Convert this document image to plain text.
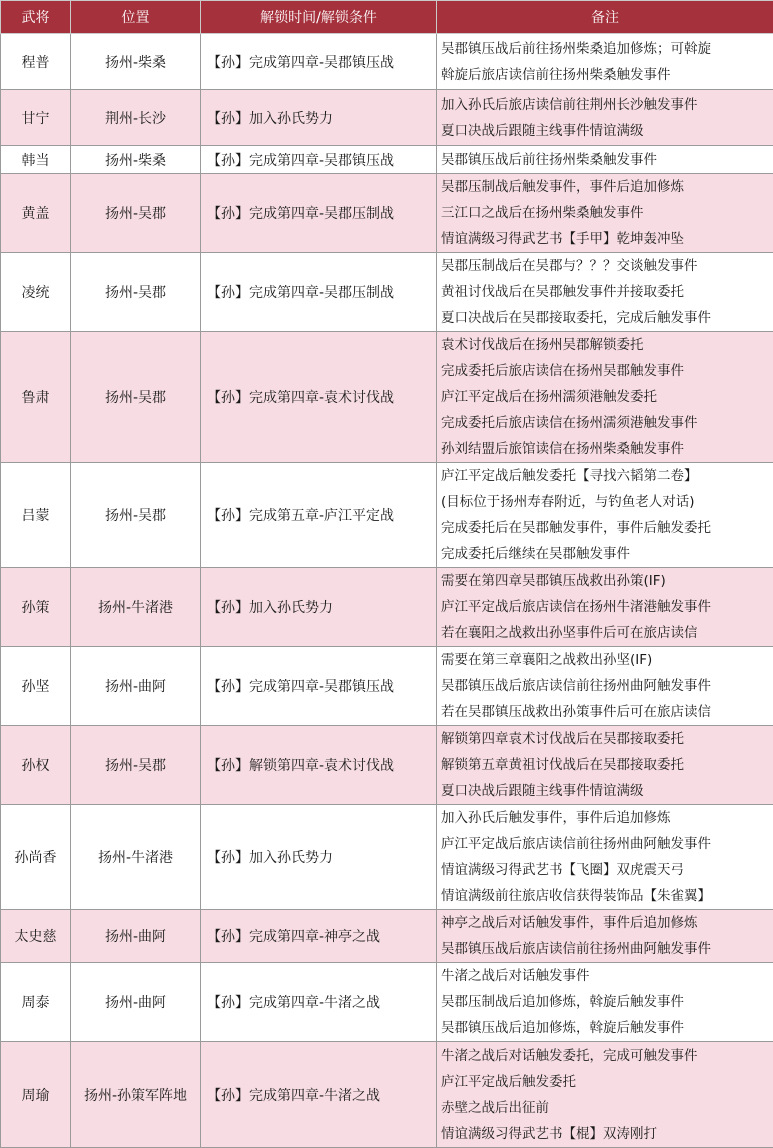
武将	位置	解锁时间/解锁条件	备注
程普	扬州-柴桑	【孙】完成第四章-吴郡镇压战	吴郡镇压战后前往扬州柴桑追加修炼；可斡旋
斡旋后旅店读信前往扬州柴桑触发事件

甘宁	荆州-长沙	【孙】加入孙氏势力	加入孙氏后旅店读信前往荆州长沙触发事件
夏口决战后跟随主线事件情谊满级

韩当	扬州-柴桑	【孙】完成第四章-吴郡镇压战	吴郡镇压战后前往扬州柴桑触发事件

黄盖	扬州-吴郡	【孙】完成第四章-吴郡压制战	吴郡压制战后触发事件，事件后追加修炼
三江口之战后在扬州柴桑触发事件
情谊满级习得武艺书【手甲】乾坤轰冲坠

凌统	扬州-吴郡	【孙】完成第四章-吴郡压制战	吴郡压制战后在吴郡与？？？交谈触发事件
黄祖讨伐战后在吴郡触发事件并接取委托
夏口决战后在吴郡接取委托，完成后触发事件

鲁肃	扬州-吴郡	【孙】完成第四章-袁术讨伐战	袁术讨伐战后在扬州吴郡解锁委托
完成委托后旅店读信在扬州吴郡触发事件
庐江平定战后在扬州濡须港触发委托
完成委托后旅店读信在扬州濡须港触发事件
孙刘结盟后旅馆读信在扬州柴桑触发事件

吕蒙	扬州-吴郡	【孙】完成第五章-庐江平定战	庐江平定战后触发委托【寻找六韬第二卷】
(目标位于扬州寿春附近，与钓鱼老人对话)
完成委托后在吴郡触发事件，事件后触发委托
完成委托后继续在吴郡触发事件

孙策	扬州-牛渚港	【孙】加入孙氏势力	需要在第四章吴郡镇压战救出孙策(IF)
庐江平定战后旅店读信在扬州牛渚港触发事件
若在襄阳之战救出孙坚事件后可在旅店读信

孙坚	扬州-曲阿	【孙】完成第四章-吴郡镇压战	需要在第三章襄阳之战救出孙坚(IF)
吴郡镇压战后旅店读信前往扬州曲阿触发事件
若在吴郡镇压战救出孙策事件后可在旅店读信

孙权	扬州-吴郡	【孙】解锁第四章-袁术讨伐战	解锁第四章袁术讨伐战后在吴郡接取委托
解锁第五章黄祖讨伐战后在吴郡接取委托
夏口决战后跟随主线事件情谊满级

孙尚香	扬州-牛渚港	【孙】加入孙氏势力	加入孙氏后触发事件，事件后追加修炼
庐江平定战后旅店读信前往扬州曲阿触发事件
情谊满级习得武艺书【飞圈】双虎震天弓
情谊满级前往旅店收信获得装饰品【朱雀翼】

太史慈	扬州-曲阿	【孙】完成第四章-神亭之战	神亭之战后对话触发事件，事件后追加修炼
吴郡镇压战后旅店读信前往扬州曲阿触发事件

周泰	扬州-曲阿	【孙】完成第四章-牛渚之战	牛渚之战后对话触发事件
吴郡压制战后追加修炼，斡旋后触发事件
吴郡镇压战后追加修炼，斡旋后触发事件

周瑜	扬州-孙策军阵地	【孙】完成第四章-牛渚之战	牛渚之战后对话触发委托，完成可触发事件
庐江平定战后触发委托
赤壁之战后出征前
情谊满级习得武艺书【棍】双涛刚打
